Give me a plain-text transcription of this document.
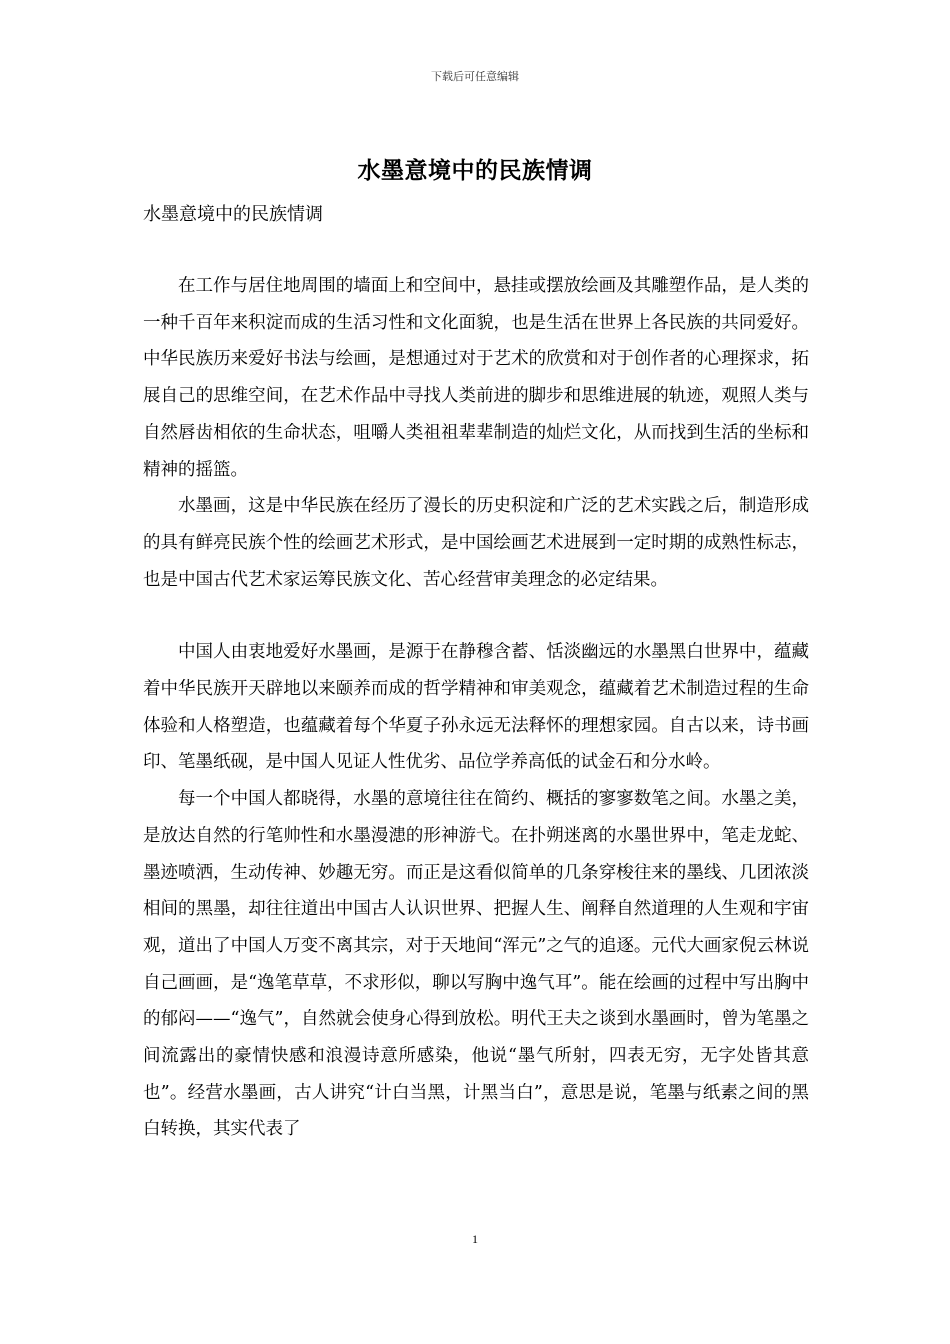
下载后可任意编辑
水墨意境中的民族情调

水墨意境中的民族情调

在工作与居住地周围的墙面上和空间中，悬挂或摆放绘画及其雕塑作品，是人类的一种千百年来积淀而成的生活习性和文化面貌，也是生活在世界上各民族的共同爱好。中华民族历来爱好书法与绘画，是想通过对于艺术的欣赏和对于创作者的心理探求，拓展自己的思维空间，在艺术作品中寻找人类前进的脚步和思维进展的轨迹，观照人类与自然唇齿相依的生命状态，咀嚼人类祖祖辈辈制造的灿烂文化，从而找到生活的坐标和精神的摇篮。

水墨画，这是中华民族在经历了漫长的历史积淀和广泛的艺术实践之后，制造形成的具有鲜亮民族个性的绘画艺术形式，是中国绘画艺术进展到一定时期的成熟性标志，也是中国古代艺术家运筹民族文化、苦心经营审美理念的必定结果。

中国人由衷地爱好水墨画，是源于在静穆含蓄、恬淡幽远的水墨黑白世界中，蕴藏着中华民族开天辟地以来颐养而成的哲学精神和审美观念，蕴藏着艺术制造过程的生命体验和人格塑造，也蕴藏着每个华夏子孙永远无法释怀的理想家园。自古以来，诗书画印、笔墨纸砚，是中国人见证人性优劣、品位学养高低的试金石和分水岭。

每一个中国人都晓得，水墨的意境往往在简约、概括的寥寥数笔之间。水墨之美，是放达自然的行笔帅性和水墨漫漶的形神游弋。在扑朔迷离的水墨世界中，笔走龙蛇、墨迹喷洒，生动传神、妙趣无穷。而正是这看似简单的几条穿梭往来的墨线、几团浓淡相间的黑墨，却往往道出中国古人认识世界、把握人生、阐释自然道理的人生观和宇宙观，道出了中国人万变不离其宗，对于天地间“浑元”之气的追逐。元代大画家倪云林说自己画画，是“逸笔草草，不求形似，聊以写胸中逸气耳”。能在绘画的过程中写出胸中的郁闷——“逸气”，自然就会使身心得到放松。明代王夫之谈到水墨画时，曾为笔墨之间流露出的豪情快感和浪漫诗意所感染，他说“墨气所射，四表无穷，无字处皆其意也”。经营水墨画，古人讲究“计白当黑，计黑当白”，意思是说，笔墨与纸素之间的黑白转换，其实代表了

1
